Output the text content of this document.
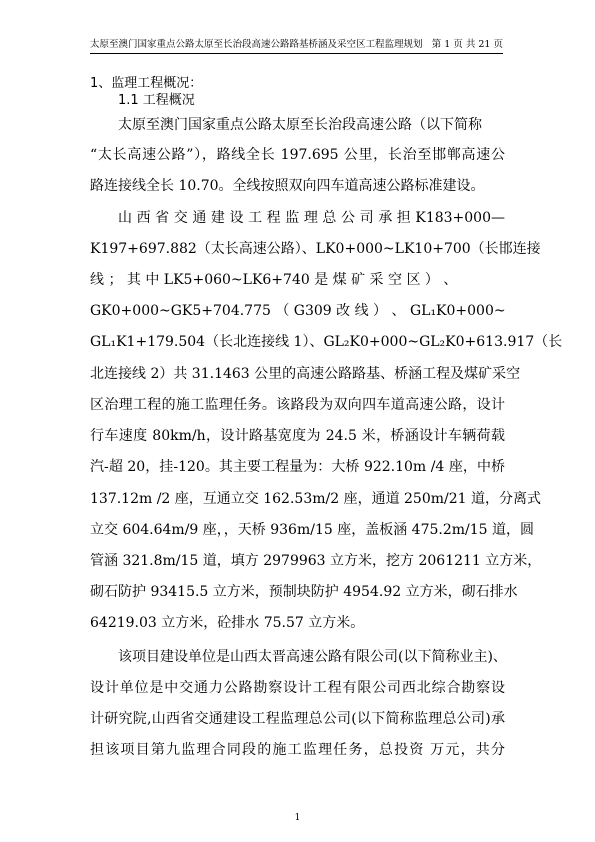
太原至澳门国家重点公路太原至长治段高速公路路基桥涵及采空区工程监理规划 第 1 页 共 21 页
1、监理工程概况：
1.1 工程概况
太原至澳门国家重点公路太原至长治段高速公路（以下简称
“太长高速公路”），路线全长 197.695 公里，长治至邯郸高速公
路连接线全长 10.70。全线按照双向四车道高速公路标准建设。
山 西 省 交 通 建 设 工 程 监 理 总 公 司 承 担 K183+000—
K197+697.882（太长高速公路）、LK0+000~LK10+700（长邯连接
线 ； 其 中 LK5+060~LK6+740 是 煤 矿 采 空 区 ） 、
GK0+000~GK5+704.775 （ G309 改 线 ） 、 GL₁K0+000~
GL₁K1+179.504（长北连接线 1）、GL₂K0+000~GL₂K0+613.917（长
北连接线 2）共 31.1463 公里的高速公路路基、桥涵工程及煤矿采空
区治理工程的施工监理任务。该路段为双向四车道高速公路，设计
行车速度 80km/h，设计路基宽度为 24.5 米，桥涵设计车辆荷载
汽-超 20，挂-120。其主要工程量为：大桥 922.10m /4 座，中桥
137.12m /2 座，互通立交 162.53m/2 座，通道 250m/21 道，分离式
立交 604.64m/9 座，，天桥 936m/15 座，盖板涵 475.2m/15 道，圆
管涵 321.8m/15 道，填方 2979963 立方米，挖方 2061211 立方米，
砌石防护 93415.5 立方米，预制块防护 4954.92 立方米，砌石排水
64219.03 立方米，砼排水 75.57 立方米。
该项目建设单位是山西太晋高速公路有限公司(以下简称业主)、
设计单位是中交通力公路勘察设计工程有限公司西北综合勘察设
计研究院,山西省交通建设工程监理总公司(以下简称监理总公司)承
担该项目第九监理合同段的施工监理任务，总投资 万元，共分
1
